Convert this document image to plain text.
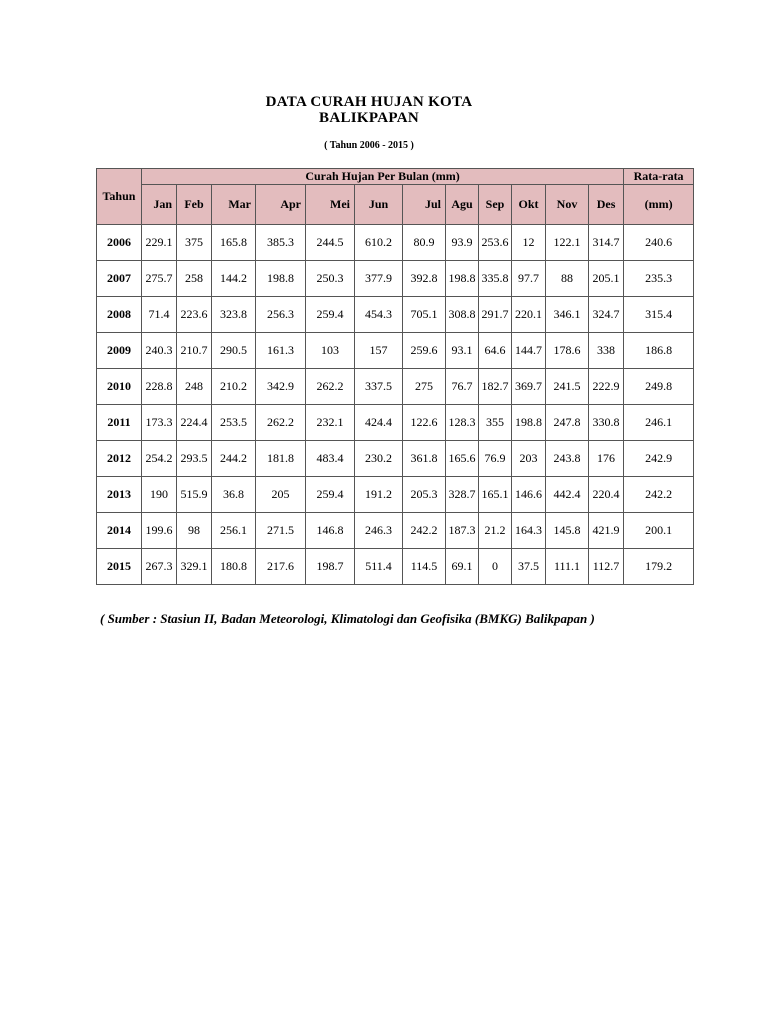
DATA CURAH HUJAN KOTA
BALIKPAPAN
( Tahun 2006 - 2015 )
Tahun	Curah Hujan Per Bulan (mm)												Rata-rata
	Jan	Feb	Mar	Apr	Mei	Jun	Jul	Agu	Sep	Okt	Nov	Des	(mm)
2006	229.1	375	165.8	385.3	244.5	610.2	80.9	93.9	253.6	12	122.1	314.7	240.6
2007	275.7	258	144.2	198.8	250.3	377.9	392.8	198.8	335.8	97.7	88	205.1	235.3
2008	71.4	223.6	323.8	256.3	259.4	454.3	705.1	308.8	291.7	220.1	346.1	324.7	315.4
2009	240.3	210.7	290.5	161.3	103	157	259.6	93.1	64.6	144.7	178.6	338	186.8
2010	228.8	248	210.2	342.9	262.2	337.5	275	76.7	182.7	369.7	241.5	222.9	249.8
2011	173.3	224.4	253.5	262.2	232.1	424.4	122.6	128.3	355	198.8	247.8	330.8	246.1
2012	254.2	293.5	244.2	181.8	483.4	230.2	361.8	165.6	76.9	203	243.8	176	242.9
2013	190	515.9	36.8	205	259.4	191.2	205.3	328.7	165.1	146.6	442.4	220.4	242.2
2014	199.6	98	256.1	271.5	146.8	246.3	242.2	187.3	21.2	164.3	145.8	421.9	200.1
2015	267.3	329.1	180.8	217.6	198.7	511.4	114.5	69.1	0	37.5	111.1	112.7	179.2
( Sumber : Stasiun II, Badan Meteorologi, Klimatologi dan Geofisika (BMKG) Balikpapan )
